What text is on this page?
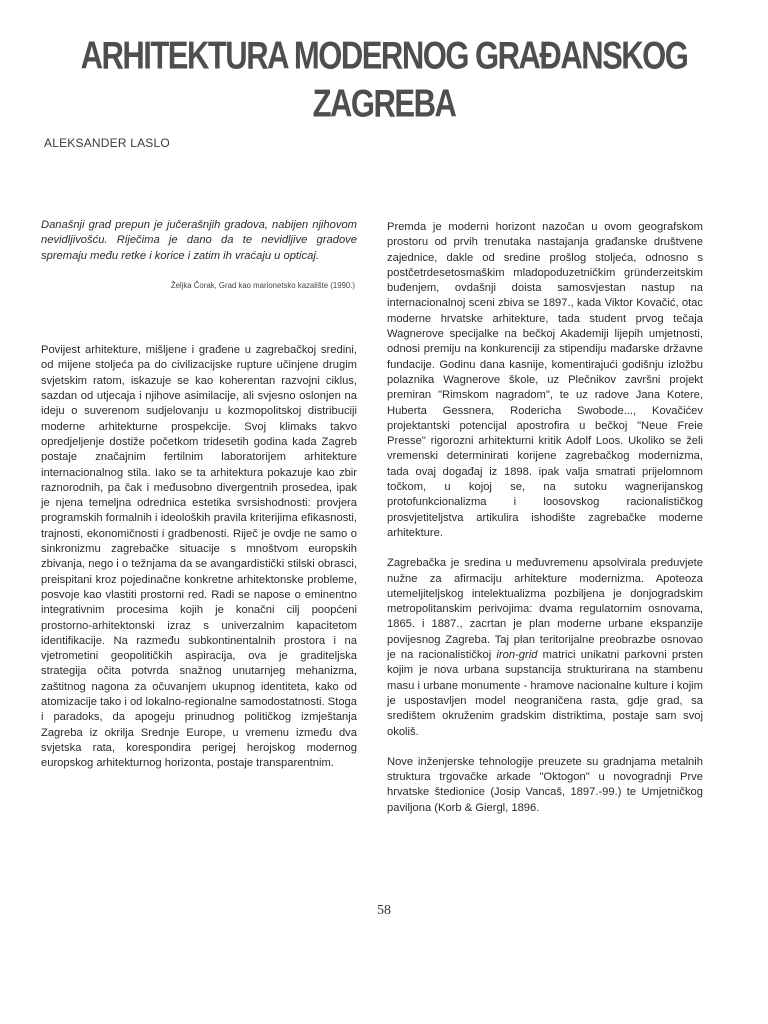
ARHITEKTURA MODERNOG GRAĐANSKOG
ZAGREBA
ALEKSANDER LASLO

Današnji grad prepun je jučerašnjih gradova, nabijen njihovom nevidljivošću. Riječima je dano da te nevidljive gradove spremaju među retke i korice i zatim ih vraćaju u opticaj.

Željka Čorak, Grad kao marionetsko kazalište (1990.)

Povijest arhitekture, mišljene i građene u zagrebačkoj sredini, od mijene stoljeća pa do civilizacijske rupture učinjene drugim svjetskim ratom, iskazuje se kao koherentan razvojni ciklus, sazdan od utjecaja i njihove asimilacije, ali svjesno oslonjen na ideju o suverenom sudjelovanju u kozmopolitskoj distribuciji moderne arhitekturne prospekcije. Svoj klimaks takvo opredjeljenje dostiže početkom tridesetih godina kada Zagreb postaje značajnim fertilnim laboratorijem arhitekture internacionalnog stila. Iako se ta arhitektura pokazuje kao zbir raznorodnih, pa čak i međusobno divergentnih prosedea, ipak je njena temeljna odrednica estetika svrsishodnosti: provjera programskih formalnih i ideoloških pravila kriterijima efikasnosti, trajnosti, ekonomičnosti i gradbenosti. Riječ je ovdje ne samo o sinkronizmu zagrebačke situacije s mnoštvom europskih zbivanja, nego i o težnjama da se avangardistički stilski obrasci, preispitani kroz pojedinačne konkretne arhitektonske probleme, posvoje kao vlastiti prostorni red. Radi se napose o eminentno integrativnim procesima kojih je konačni cilj poopćeni prostorno-arhitektonski izraz s univerzalnim kapacitetom identifikacije. Na razmeđu subkontinentalnih prostora i na vjetrometini geopolitičkih aspiracija, ova je graditeljska strategija očita potvrda snažnog unutarnjeg mehanizma, zaštitnog nagona za očuvanjem ukupnog identiteta, kako od atomizacije tako i od lokalno-regionalne samodostatnosti. Stoga i paradoks, da apogeju prinudnog političkog izmještanja Zagreba iz okrilja Srednje Europe, u vremenu između dva svjetska rata, korespondira perigej herojskog modernog europskog arhitekturnog horizonta, postaje transparentnim.

Premda je moderni horizont nazočan u ovom geografskom prostoru od prvih trenutaka nastajanja građanske društvene zajednice, dakle od sredine prošlog stoljeća, odnosno s postčetrdesetosmaškim mladopoduzetničkim gründerzeitskim buđenjem, ovdašnji doista samosvjestan nastup na internacionalnoj sceni zbiva se 1897., kada Viktor Kovačić, otac moderne hrvatske arhitekture, tada student prvog tečaja Wagnerove specijalke na bečkoj Akademiji lijepih umjetnosti, odnosi premiju na konkurenciji za stipendiju mađarske državne fundacije. Godinu dana kasnije, komentirajući godišnju izložbu polaznika Wagnerove škole, uz Plečnikov završni projekt premiran "Rimskom nagradom", te uz radove Jana Kotere, Huberta Gessnera, Rodericha Swobode..., Kovačićev projektantski potencijal apostrofira u bečkoj "Neue Freie Presse" rigorozni arhitekturni kritik Adolf Loos. Ukoliko se želi vremenski determinirati korijene zagrebačkog modernizma, tada ovaj događaj iz 1898. ipak valja smatrati prijelomnom točkom, u kojoj se, na sutoku wagnerijanskog protofunkcionalizma i loosovskog racionalističkog prosvjetiteljstva artikulira ishodište zagrebačke moderne arhitekture.

Zagrebačka je sredina u međuvremenu apsolvirala preduvjete nužne za afirmaciju arhitekture modernizma. Apoteoza utemeljiteljskog intelektualizma pozbiljena je donjogradskim metropolitanskim perivojima: dvama regulatornim osnovama, 1865. i 1887., zacrtan je plan moderne urbane ekspanzije povijesnog Zagreba. Taj plan teritorijalne preobrazbe osnovao je na racionalističkoj iron-grid matrici unikatni parkovni prsten kojim je nova urbana supstancija strukturirana na stambenu masu i urbane monumente - hramove nacionalne kulture i kojim je uspostavljen model neograničena rasta, gdje grad, sa središtem okruženim gradskim distriktima, postaje sam svoj okoliš.

Nove inženjerske tehnologije preuzete su gradnjama metalnih struktura trgovačke arkade "Oktogon" u novogradnji Prve hrvatske štedionice (Josip Vancaš, 1897.-99.) te Umjetničkog paviljona (Korb & Giergl, 1896.

58
